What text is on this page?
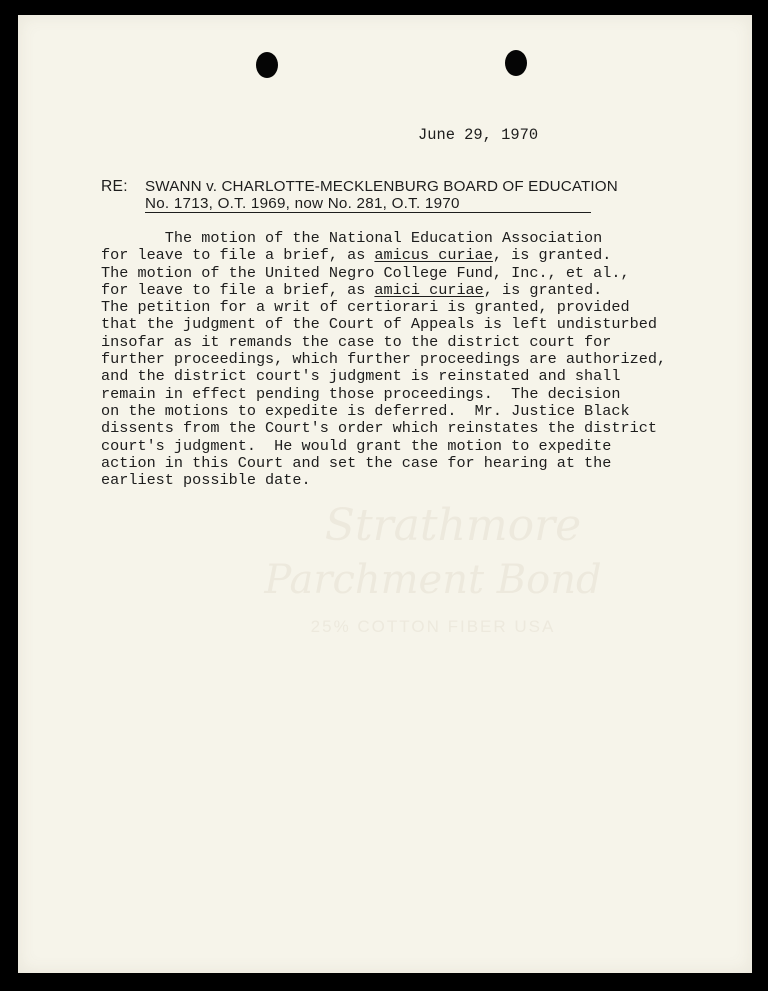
Strathmore
Parchment Bond
25% COTTON FIBER USA
June 29, 1970
RE: SWANN v. CHARLOTTE-MECKLENBURG BOARD OF EDUCATION
No. 1713, O.T. 1969, now No. 281, O.T. 1970
The motion of the National Education Association
for leave to file a brief, as amicus curiae, is granted.
The motion of the United Negro College Fund, Inc., et al.,
for leave to file a brief, as amici curiae, is granted.
The petition for a writ of certiorari is granted, provided
that the judgment of the Court of Appeals is left undisturbed
insofar as it remands the case to the district court for
further proceedings, which further proceedings are authorized,
and the district court's judgment is reinstated and shall
remain in effect pending those proceedings.  The decision
on the motions to expedite is deferred.  Mr. Justice Black
dissents from the Court's order which reinstates the district
court's judgment.  He would grant the motion to expedite
action in this Court and set the case for hearing at the
earliest possible date.
